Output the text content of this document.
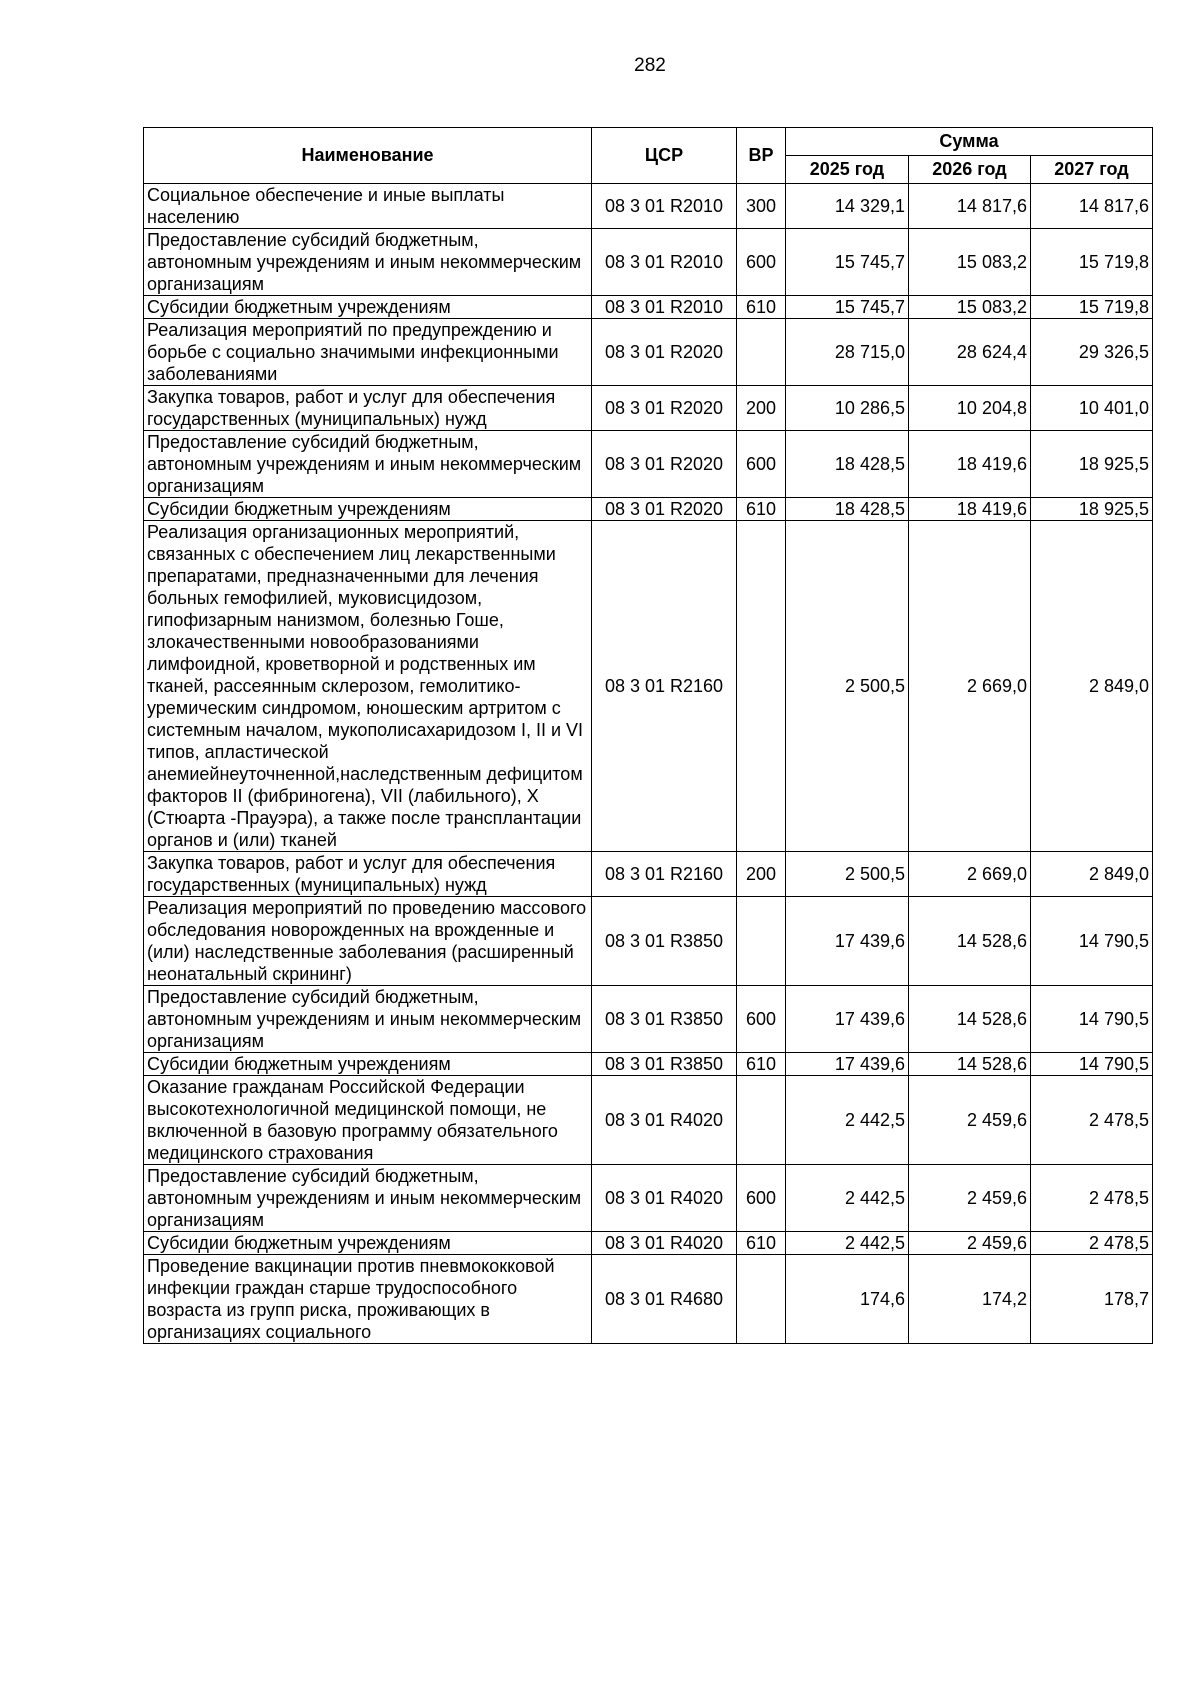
282
Наименование	ЦСР	ВР	Сумма		
			2025 год	2026 год	2027 год
Социальное обеспечение и иные выплаты населению	08 3 01 R2010	300	14 329,1	14 817,6	14 817,6
Предоставление субсидий бюджетным, автономным учреждениям и иным некоммерческим организациям	08 3 01 R2010	600	15 745,7	15 083,2	15 719,8
Субсидии бюджетным учреждениям	08 3 01 R2010	610	15 745,7	15 083,2	15 719,8
Реализация мероприятий по предупреждению и борьбе с социально значимыми инфекционными заболеваниями	08 3 01 R2020		28 715,0	28 624,4	29 326,5
Закупка товаров, работ и услуг для обеспечения государственных (муниципальных) нужд	08 3 01 R2020	200	10 286,5	10 204,8	10 401,0
Предоставление субсидий бюджетным, автономным учреждениям и иным некоммерческим организациям	08 3 01 R2020	600	18 428,5	18 419,6	18 925,5
Субсидии бюджетным учреждениям	08 3 01 R2020	610	18 428,5	18 419,6	18 925,5
Реализация организационных мероприятий, связанных с обеспечением лиц лекарственными препаратами, предназначенными для лечения больных гемофилией, муковисцидозом, гипофизарным нанизмом, болезнью Гоше, злокачественными новообразованиями лимфоидной, кроветворной и родственных им тканей, рассеянным склерозом, гемолитико-уремическим синдромом, юношеским артритом с системным началом, мукополисахаридозом I, II и VI типов, апластической анемиейнеуточненной,наследственным дефицитом факторов II (фибриногена), VII (лабильного), X (Стюарта -Прауэра), а также после трансплантации органов и (или) тканей	08 3 01 R2160		2 500,5	2 669,0	2 849,0
Закупка товаров, работ и услуг для обеспечения государственных (муниципальных) нужд	08 3 01 R2160	200	2 500,5	2 669,0	2 849,0
Реализация мероприятий по проведению массового обследования новорожденных на врожденные и (или) наследственные заболевания (расширенный неонатальный скрининг)	08 3 01 R3850		17 439,6	14 528,6	14 790,5
Предоставление субсидий бюджетным, автономным учреждениям и иным некоммерческим организациям	08 3 01 R3850	600	17 439,6	14 528,6	14 790,5
Субсидии бюджетным учреждениям	08 3 01 R3850	610	17 439,6	14 528,6	14 790,5
Оказание гражданам Российской Федерации высокотехнологичной медицинской помощи, не включенной в базовую программу обязательного медицинского страхования	08 3 01 R4020		2 442,5	2 459,6	2 478,5
Предоставление субсидий бюджетным, автономным учреждениям и иным некоммерческим организациям	08 3 01 R4020	600	2 442,5	2 459,6	2 478,5
Субсидии бюджетным учреждениям	08 3 01 R4020	610	2 442,5	2 459,6	2 478,5
Проведение вакцинации против пневмококковой инфекции граждан старше трудоспособного возраста из групп риска, проживающих в организациях социального	08 3 01 R4680		174,6	174,2	178,7
